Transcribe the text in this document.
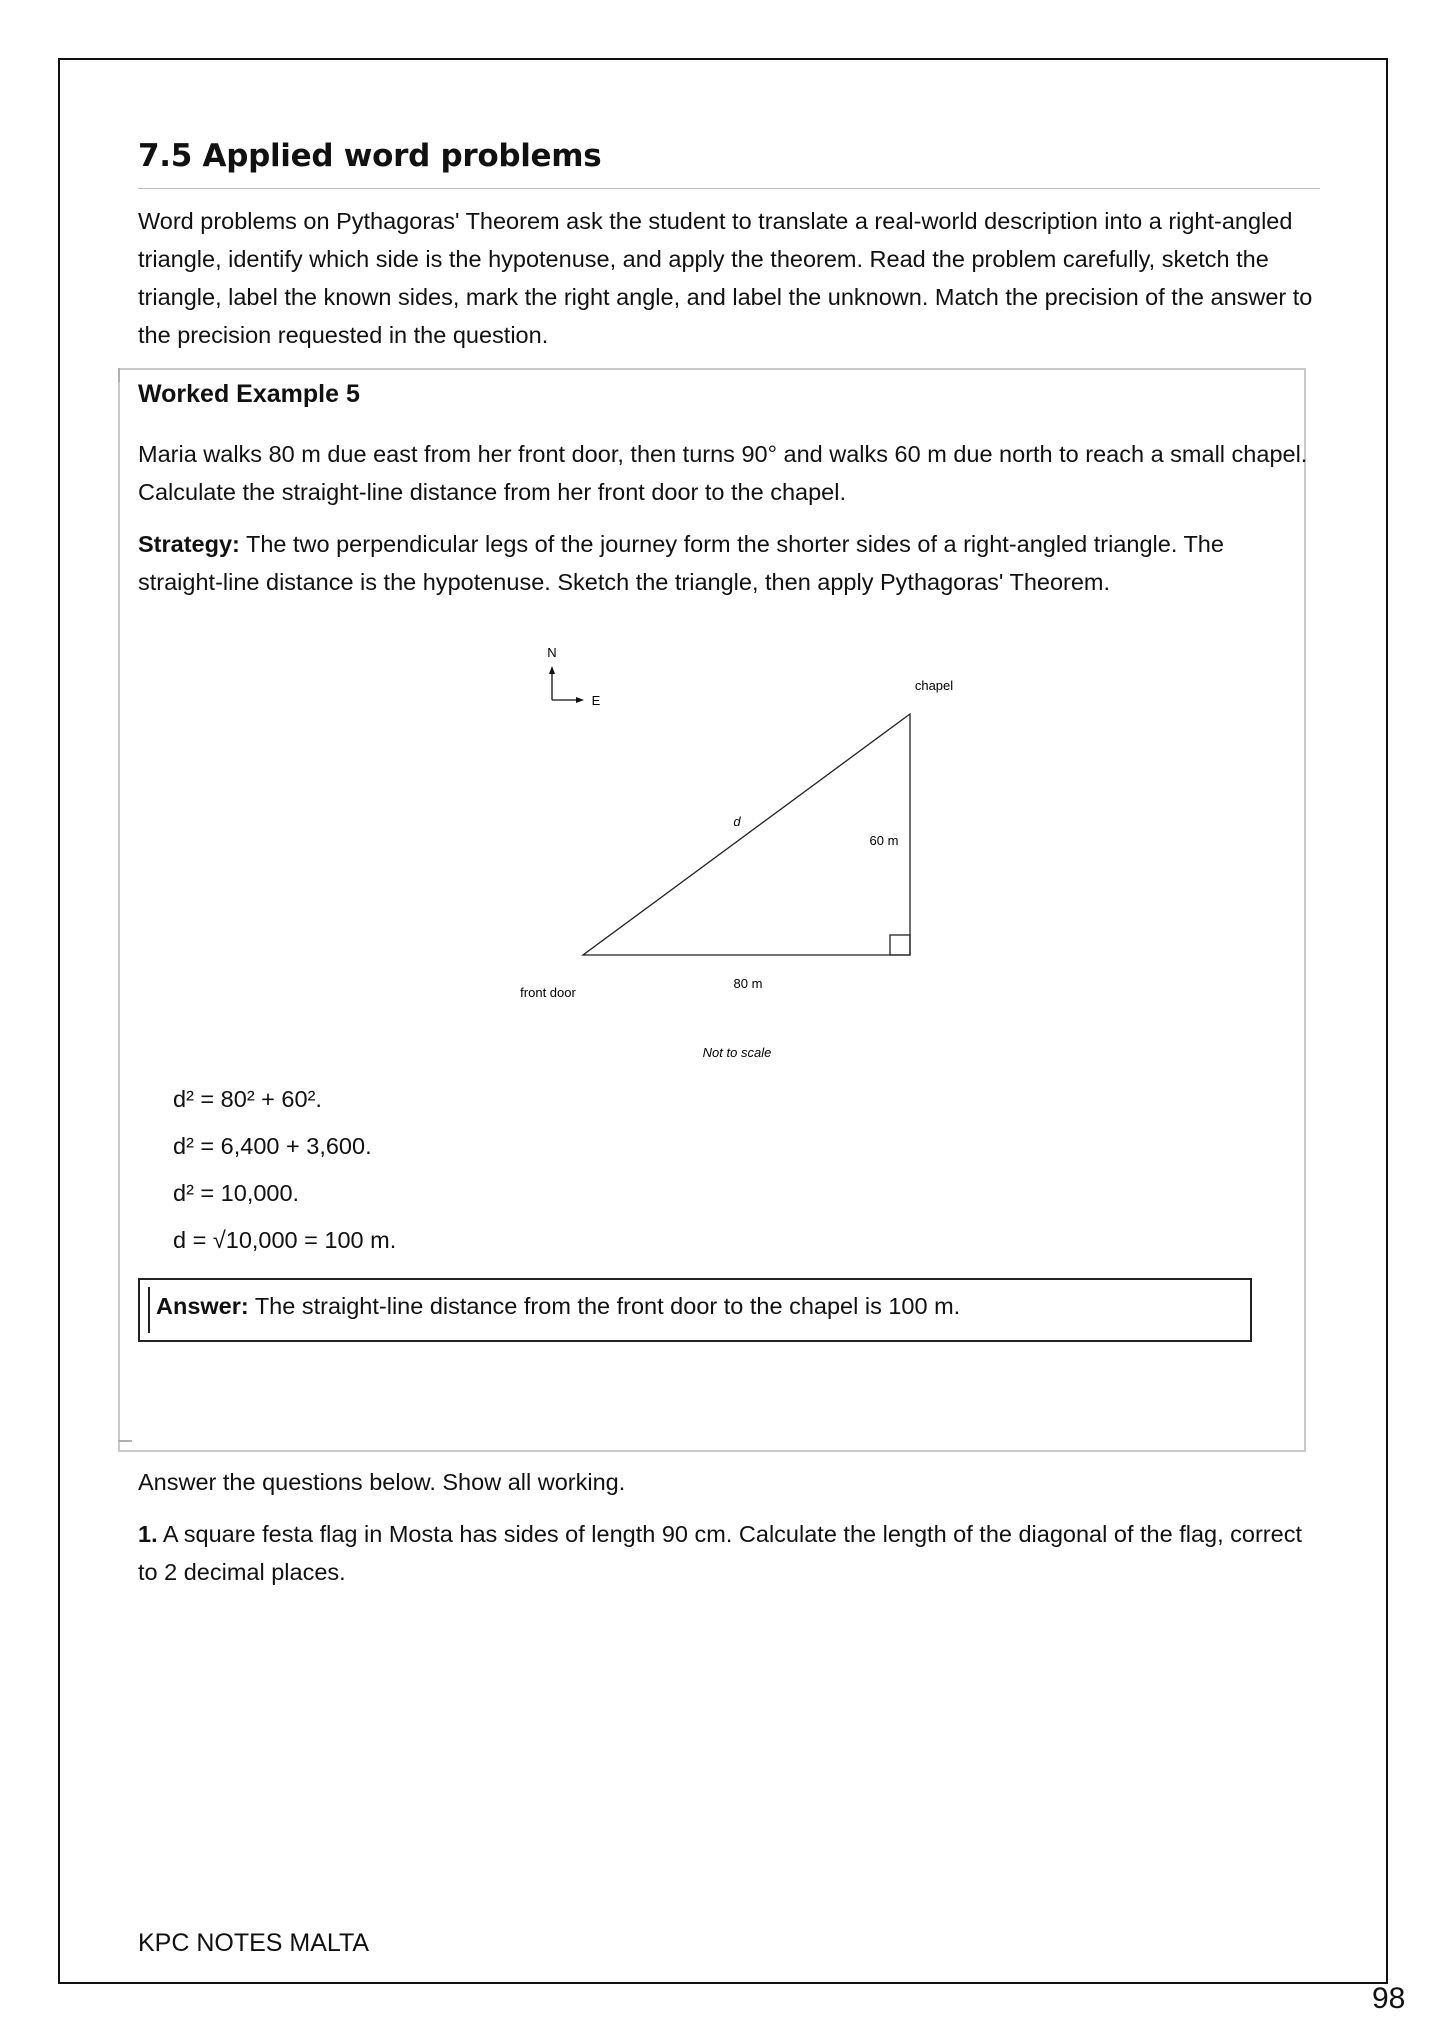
7.5 Applied word problems

Word problems on Pythagoras' Theorem ask the student to translate a real-world description into a right-angled triangle, identify which side is the hypotenuse, and apply the theorem. Read the problem carefully, sketch the triangle, label the known sides, mark the right angle, and label the unknown. Match the precision of the answer to the precision requested in the question.

Worked Example 5

Maria walks 80 m due east from her front door, then turns 90° and walks 60 m due north to reach a small chapel. Calculate the straight-line distance from her front door to the chapel.

Strategy: The two perpendicular legs of the journey form the shorter sides of a right-angled triangle. The straight-line distance is the hypotenuse. Sketch the triangle, then apply Pythagoras' Theorem.

N
E
chapel
d
60 m
80 m
front door
Not to scale

d² = 80² + 60².

d² = 6,400 + 3,600.

d² = 10,000.

d = √10,000 = 100 m.

Answer: The straight-line distance from the front door to the chapel is 100 m.

Answer the questions below. Show all working.

1. A square festa flag in Mosta has sides of length 90 cm. Calculate the length of the diagonal of the flag, correct to 2 decimal places.

KPC NOTES MALTA

98
